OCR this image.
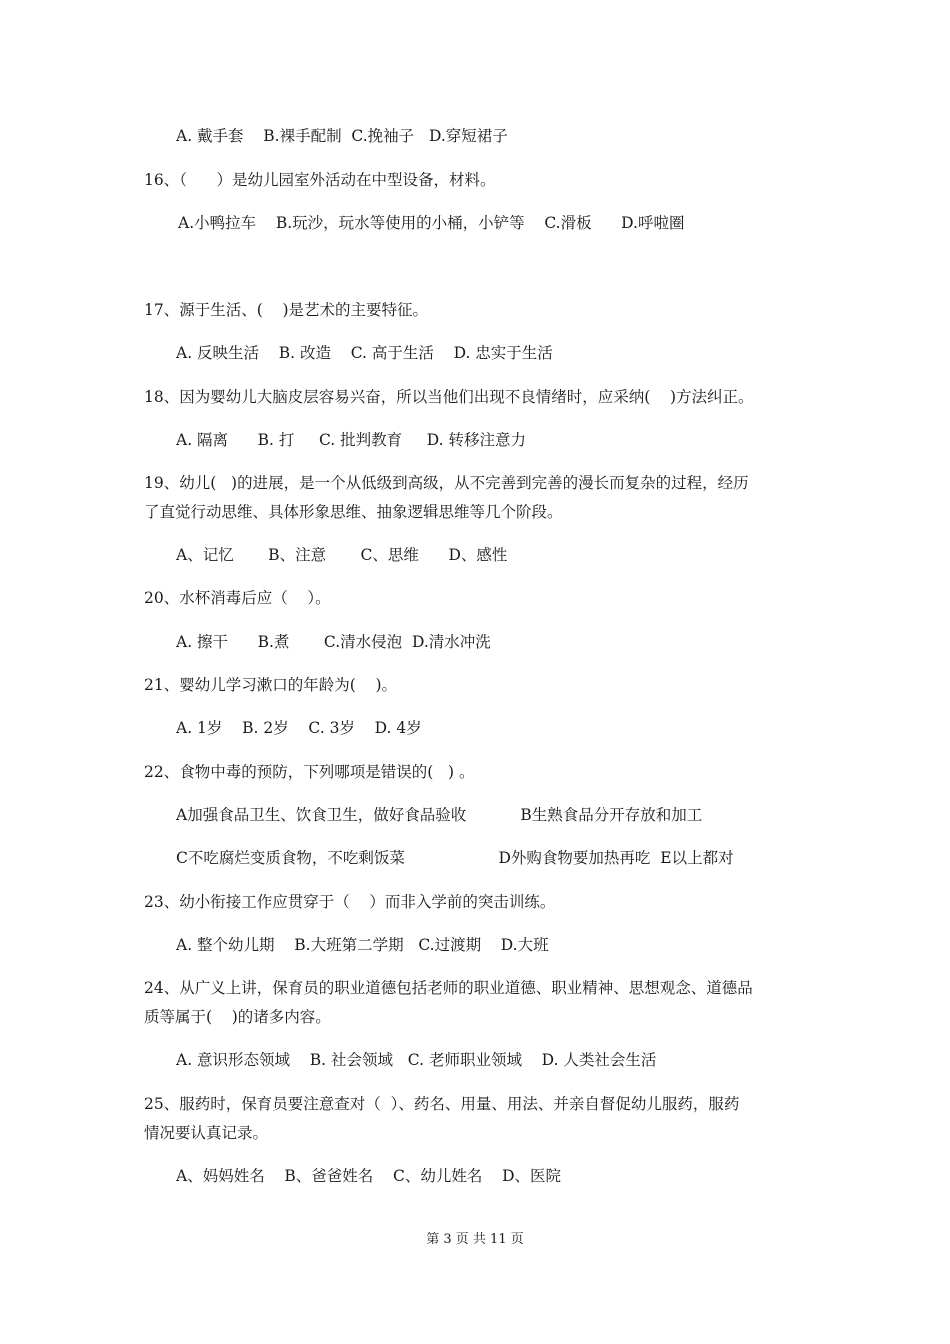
A. 戴手套    B.裸手配制  C.挽袖子   D.穿短裙子
16、（      ）是幼儿园室外活动在中型设备，材料。
A.小鸭拉车    B.玩沙，玩水等使用的小桶，小铲等    C.滑板      D.呼啦圈
17、源于生活、(    )是艺术的主要特征。
A. 反映生活    B. 改造    C. 高于生活    D. 忠实于生活
18、因为婴幼儿大脑皮层容易兴奋，所以当他们出现不良情绪时，应采纳(    )方法纠正。
A. 隔离      B. 打     C. 批判教育     D. 转移注意力
19、幼儿(   )的进展，是一个从低级到高级，从不完善到完善的漫长而复杂的过程，经历
了直觉行动思维、具体形象思维、抽象逻辑思维等几个阶段。
A、记忆       B、注意       C、思维      D、感性
20、水杯消毒后应（    ）。
A. 擦干      B.煮       C.清水侵泡  D.清水冲洗
21、婴幼儿学习漱口的年龄为(    )。
A. 1岁    B. 2岁    C. 3岁    D. 4岁
22、食物中毒的预防，下列哪项是错误的(   ) 。
A加强食品卫生、饮食卫生，做好食品验收           B生熟食品分开存放和加工
C不吃腐烂变质食物，不吃剩饭菜                   D外购食物要加热再吃  E以上都对
23、幼小衔接工作应贯穿于（    ）而非入学前的突击训练。
A. 整个幼儿期    B.大班第二学期   C.过渡期    D.大班
24、从广义上讲，保育员的职业道德包括老师的职业道德、职业精神、思想观念、道德品
质等属于(    )的诸多内容。
A. 意识形态领域    B. 社会领域   C. 老师职业领域    D. 人类社会生活
25、服药时，保育员要注意查对（  ）、药名、用量、用法、并亲自督促幼儿服药，服药
情况要认真记录。
A、妈妈姓名    B、爸爸姓名    C、幼儿姓名    D、医院
第 3 页 共 11 页
